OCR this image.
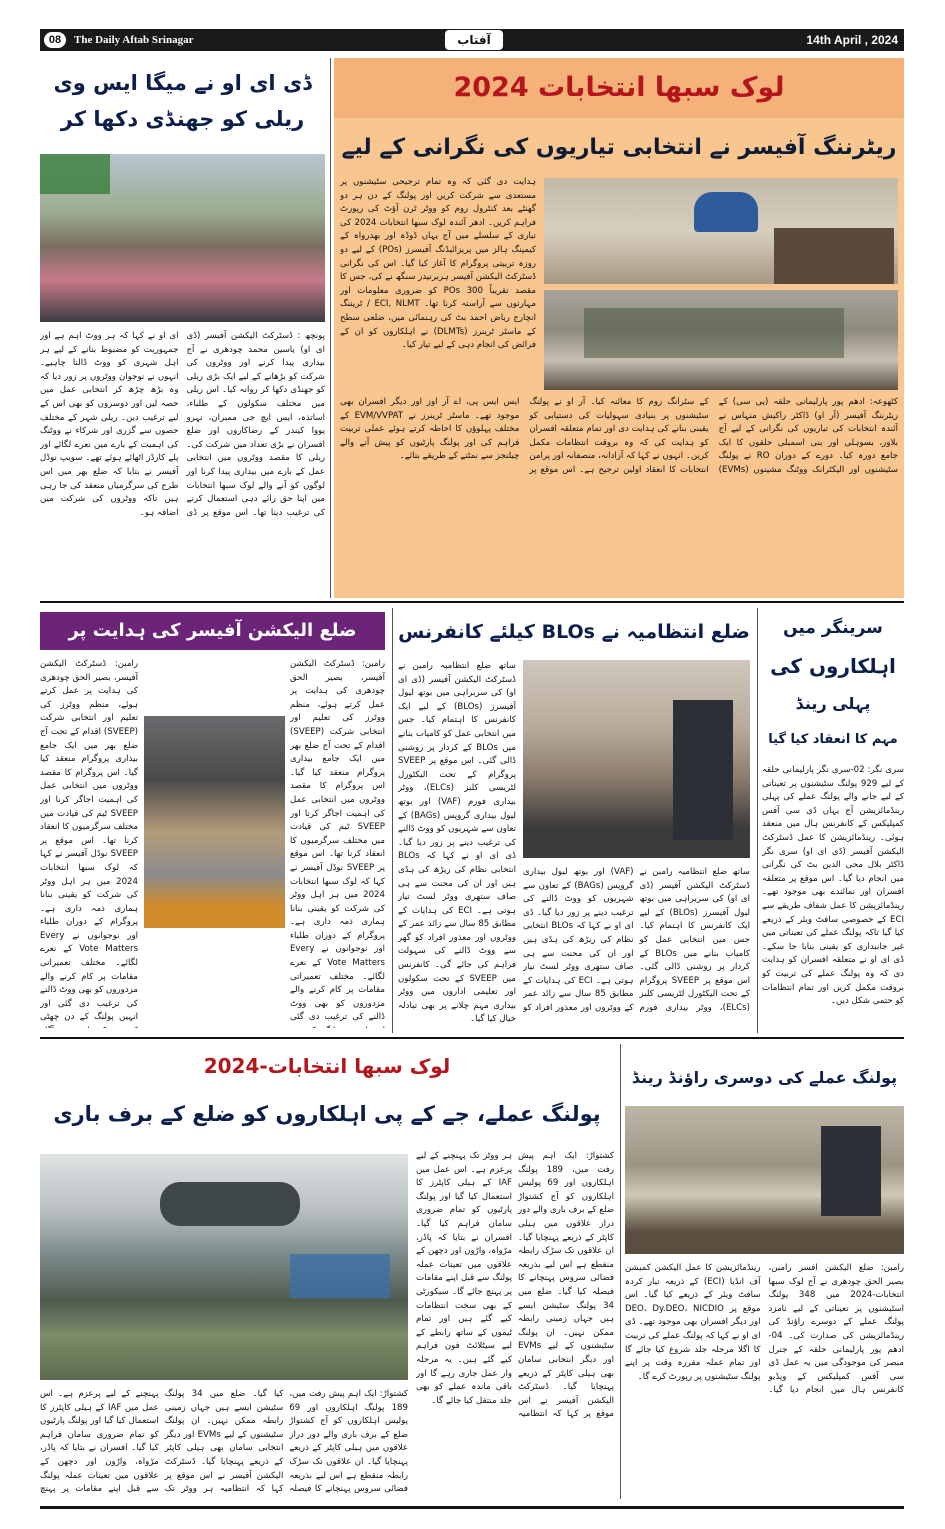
08	The Daily Aftab Srinagar	آفتاب	14th April , 2024
ڈی ای او نے میگا ایس وی
ریلی کو جھنڈی دکھا کر
پونچھ : ڈسٹرکٹ الیکشن آفیسر (ڈی ای او) یاسین محمد چودھری نے آج بیداری پیدا کرنے اور ووٹروں کی شرکت کو بڑھانے کے لیے ایک بڑی ریلی کو جھنڈی دکھا کر روانہ کیا۔ اس ریلی میں مختلف سکولوں کے طلباء، اساتذہ، ایس ایچ جی ممبران، نہرو یووا کیندر کے رضاکاروں اور ضلع افسران نے بڑی تعداد میں شرکت کی۔ ریلی کا مقصد ووٹروں میں انتخابی عمل کے بارے میں بیداری پیدا کرنا اور لوگوں کو آنے والے لوک سبھا انتخابات میں اپنا حق رائے دہی استعمال کرنے کی ترغیب دینا تھا۔ اس موقع پر ڈی ای او نے کہا کہ ہر ووٹ اہم ہے اور جمہوریت کو مضبوط بنانے کے لیے ہر اہل شہری کو ووٹ ڈالنا چاہیے۔ انہوں نے نوجوان ووٹروں پر زور دیا کہ وہ بڑھ چڑھ کر انتخابی عمل میں حصہ لیں اور دوسروں کو بھی اس کے لیے ترغیب دیں۔ ریلی شہر کے مختلف حصوں سے گزری اور شرکاء نے ووٹنگ کی اہمیت کے بارے میں نعرے لگائے اور پلے کارڈز اٹھائے ہوئے تھے۔ سویپ نوڈل آفیسر نے بتایا کہ ضلع بھر میں اس طرح کی سرگرمیاں منعقد کی جا رہی ہیں تاکہ ووٹروں کی شرکت میں اضافہ ہو۔
لوک سبھا انتخابات 2024
ریٹرننگ آفیسر نے انتخابی تیاریوں کی نگرانی کے لیے
ہدایت دی گئی کہ وہ تمام ترجیحی سٹیشنوں پر مستعدی سے شرکت کریں اور پولنگ کے دن ہر دو گھنٹے بعد کنٹرول روم کو ووٹر ٹرن آؤٹ کی رپورٹ فراہم کریں۔ ادھر آئندہ لوک سبھا انتخابات 2024 کی تیاری کے سلسلے میں آج یہاں ڈوڈہ اور بھدرواہ کے کیمپنگ ہالز میں پریزائیڈنگ آفیسرز (POs) کے لیے دو روزہ تربیتی پروگرام کا آغاز کیا گیا۔ اس کی نگرانی ڈسٹرکٹ الیکشن آفیسر ہربرنیدر سنگھ نے کی، جس کا مقصد تقریباً 300 POs کو ضروری معلومات اور مہارتوں سے آراستہ کرنا تھا۔ ECI, NLMT / ٹریننگ انچارج ریاض احمد بٹ کی رہنمائی میں، ضلعی سطح کے ماسٹر ٹرینرز (DLMTs) نے اہلکاروں کو ان کے فرائض کی انجام دہی کے لیے تیار کیا۔
کٹھوعہ: ادھم پور پارلیمانی حلقہ (پی سی) کے ریٹرننگ آفیسر (آر او) ڈاکٹر راکیش منہاس نے آئندہ انتخابات کی تیاریوں کی نگرانی کے لیے آج بلاور، بسوہلی اور بنی اسمبلی حلقوں کا ایک جامع دورہ کیا۔ دورے کے دوران RO نے پولنگ سٹیشنوں اور الیکٹرانک ووٹنگ مشینوں (EVMs) کے سٹرانگ روم کا معائنہ کیا۔ آر او نے پولنگ سٹیشنوں پر بنیادی سہولیات کی دستیابی کو یقینی بنانے کی ہدایت دی اور تمام متعلقہ افسران کو ہدایت کی کہ وہ بروقت انتظامات مکمل کریں۔ انہوں نے کہا کہ آزادانہ، منصفانہ اور پرامن انتخابات کا انعقاد اولین ترجیح ہے۔ اس موقع پر ایس ایس پی، اے آر اوز اور دیگر افسران بھی موجود تھے۔ ماسٹر ٹرینرز نے EVM/VVPAT کے مختلف پہلوؤں کا احاطہ کرتے ہوئے عملی تربیت فراہم کی اور پولنگ پارٹیوں کو پیش آنے والے چیلنجز سے نمٹنے کے طریقے بتائے۔
ضلع الیکشن آفیسر کی ہدایت پر
رامبن: ڈسٹرکٹ الیکشن آفیسر، بصیر الحق چودھری کی ہدایت پر عمل کرتے ہوئے، منظم ووٹرز کی تعلیم اور انتخابی شرکت (SVEEP) اقدام کے تحت آج ضلع بھر میں ایک جامع بیداری پروگرام منعقد کیا گیا۔ اس پروگرام کا مقصد ووٹروں میں انتخابی عمل کی اہمیت اجاگر کرنا اور SVEEP ٹیم کی قیادت میں مختلف سرگرمیوں کا انعقاد کرنا تھا۔ اس موقع پر SVEEP نوڈل آفیسر نے کہا کہ لوک سبھا انتخابات 2024 میں ہر اہل ووٹر کی شرکت کو یقینی بنانا ہماری ذمہ داری ہے۔ پروگرام کے دوران طلباء اور نوجوانوں نے Every Vote Matters کے نعرے لگائے۔ مختلف تعمیراتی مقامات پر کام کرنے والے مزدوروں کو بھی ووٹ ڈالنے کی ترغیب دی گئی اور انہیں پولنگ کے دن چھٹی
رامبن: ڈسٹرکٹ الیکشن آفیسر، بصیر الحق چودھری کی ہدایت پر عمل کرتے ہوئے، منظم ووٹرز کی تعلیم اور انتخابی شرکت (SVEEP) اقدام کے تحت آج ضلع بھر میں ایک جامع بیداری پروگرام منعقد کیا گیا۔ اس پروگرام کا مقصد ووٹروں میں انتخابی عمل کی اہمیت اجاگر کرنا اور SVEEP ٹیم کی قیادت میں مختلف سرگرمیوں کا انعقاد کرنا تھا۔ اس موقع پر SVEEP نوڈل آفیسر نے کہا کہ لوک سبھا انتخابات 2024 میں ہر اہل ووٹر کی شرکت کو یقینی بنانا ہماری ذمہ داری ہے۔ پروگرام کے دوران طلباء اور نوجوانوں نے Every Vote Matters کے نعرے لگائے۔ مختلف تعمیراتی مقامات پر کام کرنے والے مزدوروں کو بھی ووٹ ڈالنے کی ترغیب دی گئی
ضلع انتظامیہ نے BLOs کیلئے کانفرنس
ساتھ ضلع انتظامیہ رامبن نے ڈسٹرکٹ الیکشن آفیسر (ڈی ای او) کی سربراہی میں بوتھ لیول آفیسرز (BLOs) کے لیے ایک کانفرنس کا اہتمام کیا۔ جس میں انتخابی عمل کو کامیاب بنانے میں BLOs کے کردار پر روشنی ڈالی گئی۔ اس موقع پر SVEEP پروگرام کے تحت الیکٹورل لٹریسی کلبز (ELCs)، ووٹر بیداری فورم (VAF) اور بوتھ لیول بیداری گروپس (BAGs) کے تعاون سے شہریوں کو ووٹ ڈالنے کی ترغیب دینے پر زور دیا گیا۔ ڈی ای او نے کہا کہ BLOs انتخابی نظام کی ریڑھ کی ہڈی ہیں اور ان کی محنت سے ہی صاف ستھری ووٹر لسٹ تیار ہوتی ہے۔ ECI کی ہدایات کے مطابق 85 سال سے زائد عمر کے ووٹروں اور معذور افراد کو گھر سے ووٹ ڈالنے کی سہولت فراہم کی جائے گی۔ کانفرنس میں SVEEP کے تحت سکولوں اور تعلیمی اداروں میں ووٹر بیداری مہم چلانے پر بھی تبادلہ خیال کیا گیا۔
ساتھ ضلع انتظامیہ رامبن نے ڈسٹرکٹ الیکشن آفیسر (ڈی ای او) کی سربراہی میں بوتھ لیول آفیسرز (BLOs) کے لیے ایک کانفرنس کا اہتمام کیا۔ جس میں انتخابی عمل کو کامیاب بنانے میں BLOs کے کردار پر روشنی ڈالی گئی۔ اس موقع پر SVEEP پروگرام کے تحت الیکٹورل لٹریسی کلبز (ELCs)، ووٹر بیداری فورم (VAF) اور بوتھ لیول بیداری گروپس (BAGs) کے تعاون سے شہریوں کو ووٹ ڈالنے کی ترغیب دینے پر زور دیا گیا۔ ڈی ای او نے کہا کہ BLOs انتخابی نظام کی ریڑھ کی ہڈی ہیں اور ان کی محنت سے ہی صاف ستھری ووٹر لسٹ تیار ہوتی ہے۔ ECI کی ہدایات کے مطابق 85 سال سے زائد عمر کے ووٹروں اور معذور افراد کو
سرینگر میں
اہلکاروں کی
پہلی رینڈ
مہم کا انعقاد کیا گیا
سری نگر: 02-سری نگر پارلیمانی حلقہ کے لیے 929 پولنگ سٹیشنوں پر تعیناتی کے لیے جانے والے پولنگ عملے کی پہلی رینڈمائزیشن آج یہاں ڈی سی آفس کمپلیکس کے کانفرنس ہال میں منعقد ہوئی۔ رینڈمائزیشن کا عمل ڈسٹرکٹ الیکشن آفیسر (ڈی ای او) سری نگر ڈاکٹر بلال محی الدین بٹ کی نگرانی میں انجام دیا گیا۔ اس موقع پر متعلقہ افسران اور نمائندے بھی موجود تھے۔ رینڈمائزیشن کا عمل شفاف طریقے سے ECI کے خصوصی سافٹ ویئر کے ذریعے کیا گیا تاکہ پولنگ عملے کی تعیناتی میں غیر جانبداری کو یقینی بنایا جا سکے۔ ڈی ای او نے متعلقہ افسران کو ہدایت دی کہ وہ پولنگ عملے کی تربیت کو بروقت مکمل کریں اور تمام انتظامات کو حتمی شکل دیں۔
لوک سبھا انتخابات-2024
پولنگ عملے، جے کے پی اہلکاروں کو ضلع کے برف باری
کشتواڑ: ایک اہم پیش رفت میں، 189 پولنگ اہلکاروں اور 69 پولیس اہلکاروں کو آج کشتواڑ ضلع کے برف باری والے دور دراز علاقوں میں ہیلی کاپٹر کے ذریعے پہنچایا گیا۔ ان علاقوں تک سڑک رابطہ منقطع ہے اس لیے بذریعہ فضائی سروس پہنچانے کا فیصلہ کیا گیا۔ ضلع میں 34 پولنگ سٹیشن ایسے ہیں جہاں زمینی رابطہ ممکن نہیں۔ ان پولنگ سٹیشنوں کے لیے EVMs اور دیگر انتخابی سامان بھی ہیلی کاپٹر کے ذریعے پہنچایا گیا۔ ڈسٹرکٹ الیکشن آفیسر نے اس موقع پر کہا کہ انتظامیہ ہر ووٹر تک پہنچنے کے لیے پرعزم ہے۔ اس عمل میں IAF کے ہیلی کاپٹرز کا استعمال کیا گیا اور پولنگ پارٹیوں کو تمام ضروری سامان فراہم کیا گیا۔ افسران نے بتایا کہ پاڈر، مڑواہ، واڑون اور دچھن کے علاقوں میں تعینات عملہ پولنگ سے قبل اپنے مقامات پر پہنچ جائے گا۔ سیکورٹی کے بھی سخت انتظامات کیے گئے ہیں اور تمام ٹیموں کے ساتھ رابطے کے لیے سیٹلائٹ فون فراہم کیے گئے ہیں۔ یہ مرحلہ وار عمل جاری رہے گا اور باقی ماندہ عملے کو بھی جلد منتقل کیا جائے گا۔
کشتواڑ: ایک اہم پیش رفت میں، 189 پولنگ اہلکاروں اور 69 پولیس اہلکاروں کو آج کشتواڑ ضلع کے برف باری والے دور دراز علاقوں میں ہیلی کاپٹر کے ذریعے پہنچایا گیا۔ ان علاقوں تک سڑک رابطہ منقطع ہے اس لیے بذریعہ فضائی سروس پہنچانے کا فیصلہ کیا گیا۔ ضلع میں 34 پولنگ سٹیشن ایسے ہیں جہاں زمینی رابطہ ممکن نہیں۔ ان پولنگ سٹیشنوں کے لیے EVMs اور دیگر انتخابی سامان بھی ہیلی کاپٹر کے ذریعے پہنچایا گیا۔ ڈسٹرکٹ الیکشن آفیسر نے اس موقع پر کہا کہ انتظامیہ ہر ووٹر تک پہنچنے کے لیے پرعزم ہے۔ اس عمل میں IAF کے ہیلی کاپٹرز کا استعمال کیا گیا اور پولنگ پارٹیوں کو تمام ضروری سامان فراہم کیا گیا۔ افسران نے بتایا کہ پاڈر، مڑواہ، واڑون اور دچھن کے علاقوں میں تعینات عملہ پولنگ سے قبل اپنے مقامات پر پہنچ
پولنگ عملے کی دوسری راؤنڈ رینڈ
رامبن: ضلع الیکشن افسر رامبن، بصیر الحق چودھری نے آج لوک سبھا انتخابات-2024 میں 348 پولنگ اسٹیشنوں پر تعیناتی کے لیے نامزد پولنگ عملے کے دوسرے راؤنڈ کی رینڈمائزیشن کی صدارت کی۔ 04-ادھم پور پارلیمانی حلقہ کے جنرل مبصر کی موجودگی میں یہ عمل ڈی سی آفس کمپلیکس کے ویڈیو کانفرنس ہال میں انجام دیا گیا۔ رینڈمائزیشن کا عمل الیکشن کمیشن آف انڈیا (ECI) کے ذریعہ تیار کردہ سافٹ ویئر کے ذریعے کیا گیا۔ اس موقع پر DEO، Dy.DEO، NICDIO اور دیگر افسران بھی موجود تھے۔ ڈی ای او نے کہا کہ پولنگ عملے کی تربیت کا اگلا مرحلہ جلد شروع کیا جائے گا اور تمام عملہ مقررہ وقت پر اپنے پولنگ سٹیشنوں پر رپورٹ کرے گا۔
